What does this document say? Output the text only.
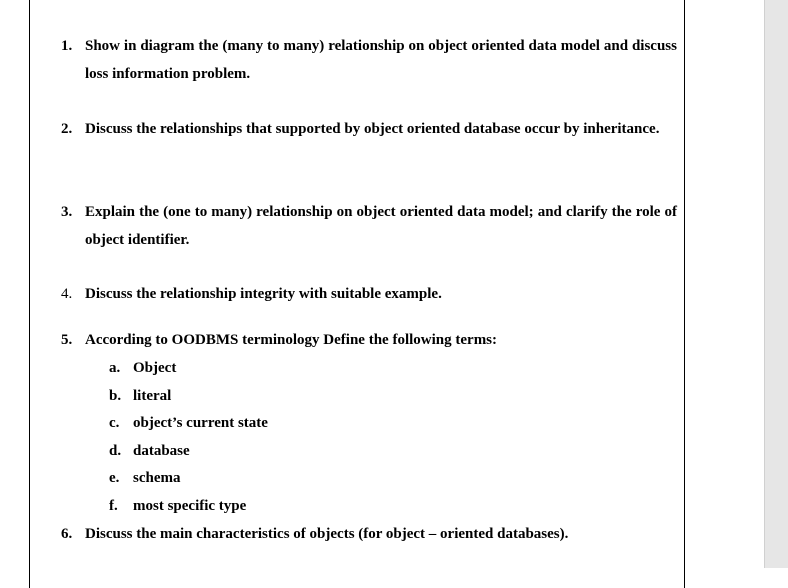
1. Show in diagram the (many to many) relationship on object oriented data model and discuss loss information problem.
2. Discuss the relationships that supported by object oriented database occur by inheritance.
3. Explain the (one to many) relationship on object oriented data model; and clarify the role of object identifier.
4. Discuss the relationship integrity with suitable example.
5. According to OODBMS terminology Define the following terms:
a. Object
b. literal
c. object’s current state
d. database
e. schema
f.	most specific type
6. Discuss the main characteristics of objects (for object – oriented databases).
